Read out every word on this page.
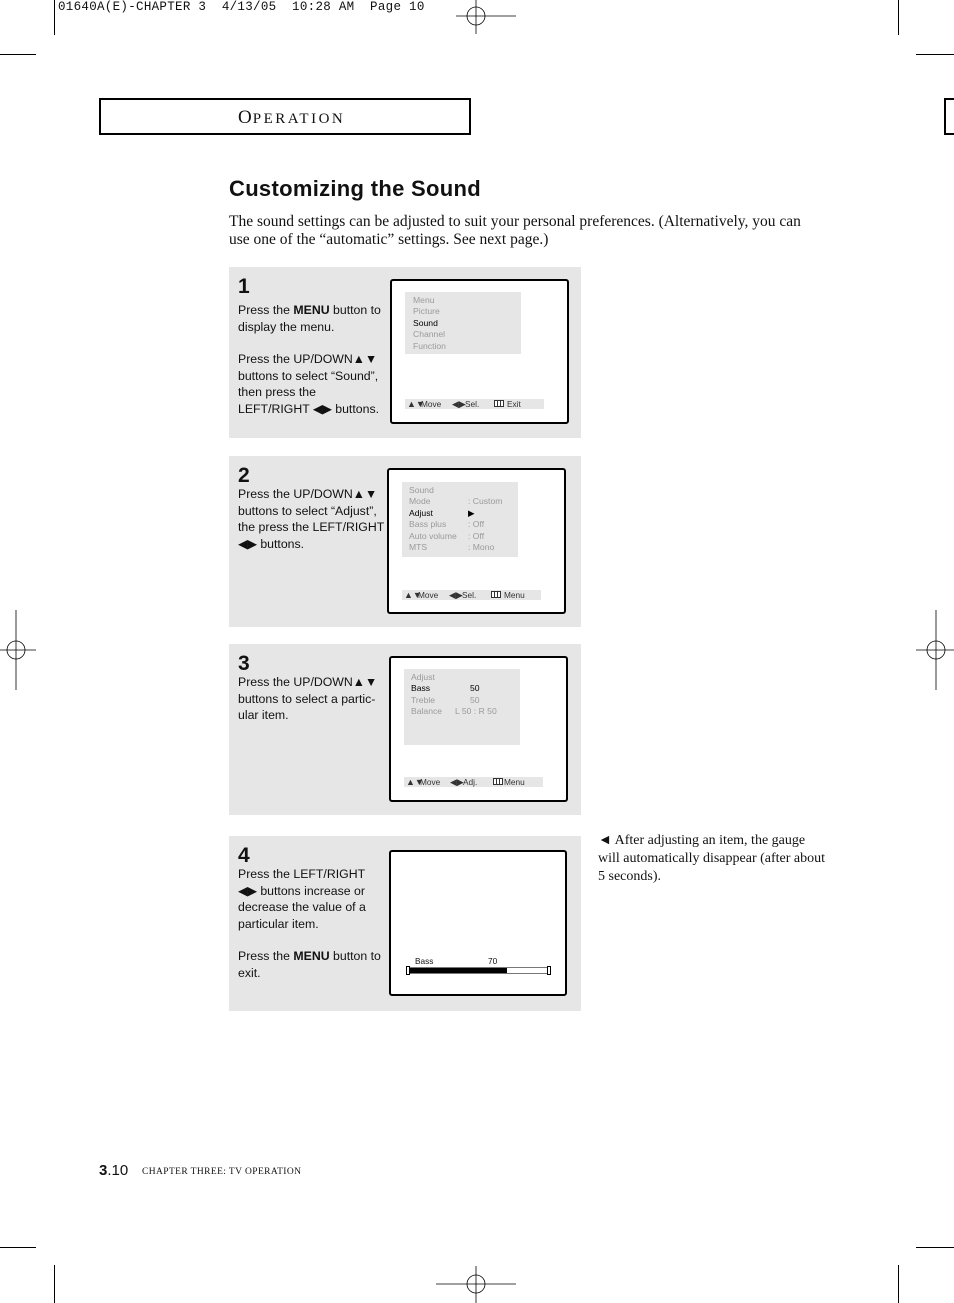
01640A(E)-CHAPTER 3  4/13/05  10:28 AM  Page 10
OPERATION
Customizing the Sound
The sound settings can be adjusted to suit your personal preferences. (Alternatively, you can use one of the “automatic” settings. See next page.)
1

Press the MENU button to display the menu.

Press the UP/DOWN▲▼ buttons to select “Sound”, then press the LEFT/RIGHT ◀▶ buttons.

Menu
Picture
Sound
Channel
Function
▲▼
Move ◀▶ Sel.	Exit
2

Press the UP/DOWN▲▼ buttons to select “Adjust”, the press the LEFT/RIGHT ◀▶ buttons.

Sound
Mode	: Custom
Adjust	▶
Bass plus	: Off
Auto volume : Off
MTS	: Mono
▲▼
Move ◀▶ Sel.	Menu
3

Press the UP/DOWN▲▼ buttons to select a partic- ular item.

Adjust
Bass	50
Treble	50
Balance L 50 : R 50
▲▼
Move ◀▶ Adj.	Menu
4

Press the LEFT/RIGHT ◀▶ buttons increase or decrease the value of a particular item.

Press the MENU button to exit.

Bass	70
◄ After adjusting an item, the gauge will automatically disappear (after about 5 seconds).
3.10 CHAPTER THREE: TV OPERATION
